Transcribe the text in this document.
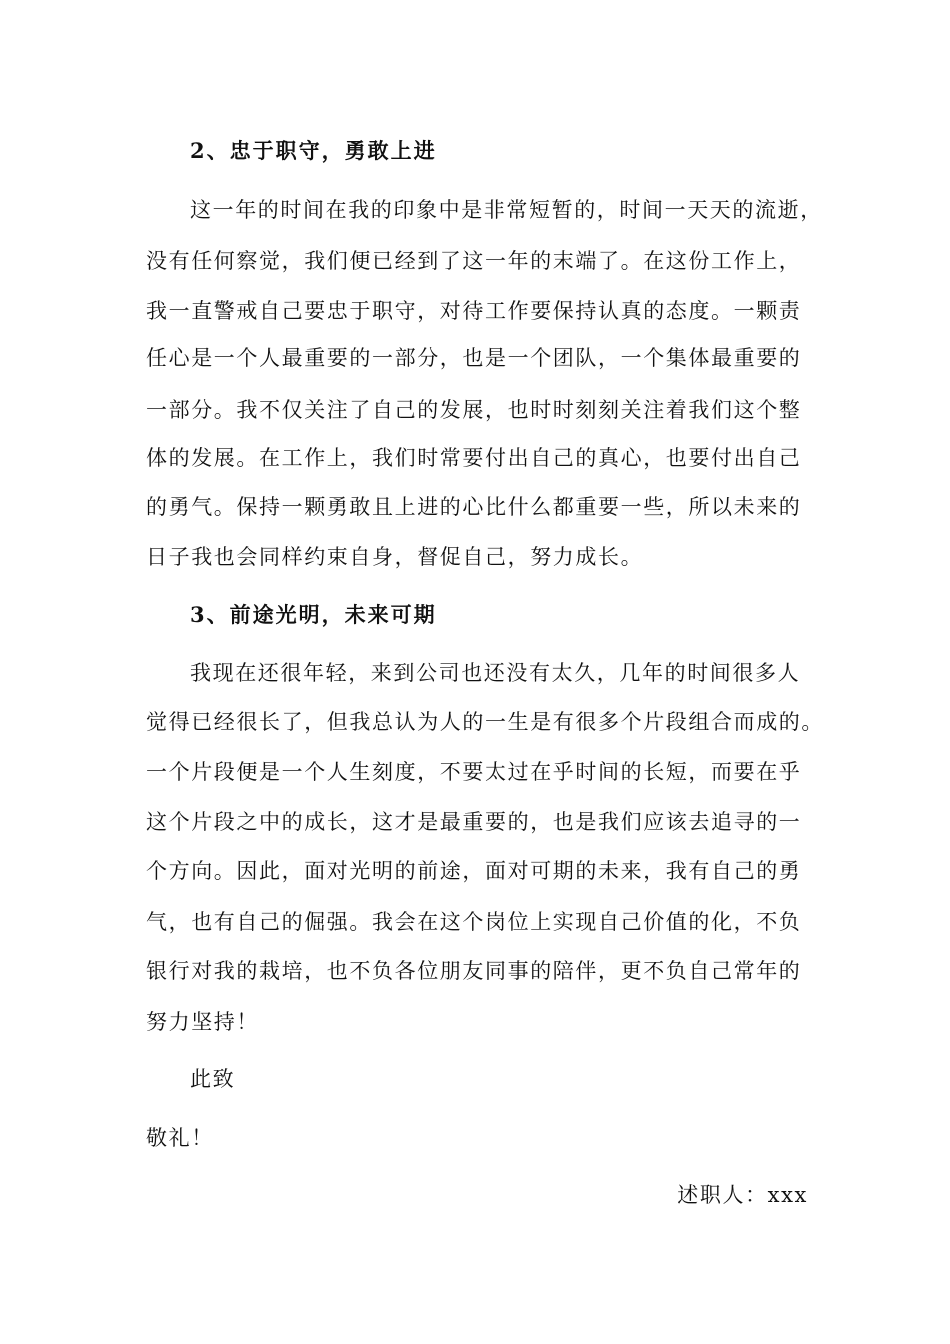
2、忠于职守，勇敢上进
这一年的时间在我的印象中是非常短暂的，时间一天天的流逝，
没有任何察觉，我们便已经到了这一年的末端了。在这份工作上，
我一直警戒自己要忠于职守，对待工作要保持认真的态度。一颗责
任心是一个人最重要的一部分，也是一个团队，一个集体最重要的
一部分。我不仅关注了自己的发展，也时时刻刻关注着我们这个整
体的发展。在工作上，我们时常要付出自己的真心，也要付出自己
的勇气。保持一颗勇敢且上进的心比什么都重要一些，所以未来的
日子我也会同样约束自身，督促自己，努力成长。
3、前途光明，未来可期
我现在还很年轻，来到公司也还没有太久，几年的时间很多人
觉得已经很长了，但我总认为人的一生是有很多个片段组合而成的。
一个片段便是一个人生刻度，不要太过在乎时间的长短，而要在乎
这个片段之中的成长，这才是最重要的，也是我们应该去追寻的一
个方向。因此，面对光明的前途，面对可期的未来，我有自己的勇
气，也有自己的倔强。我会在这个岗位上实现自己价值的化，不负
银行对我的栽培，也不负各位朋友同事的陪伴，更不负自己常年的
努力坚持！
此致
敬礼！
述职人：xxx
